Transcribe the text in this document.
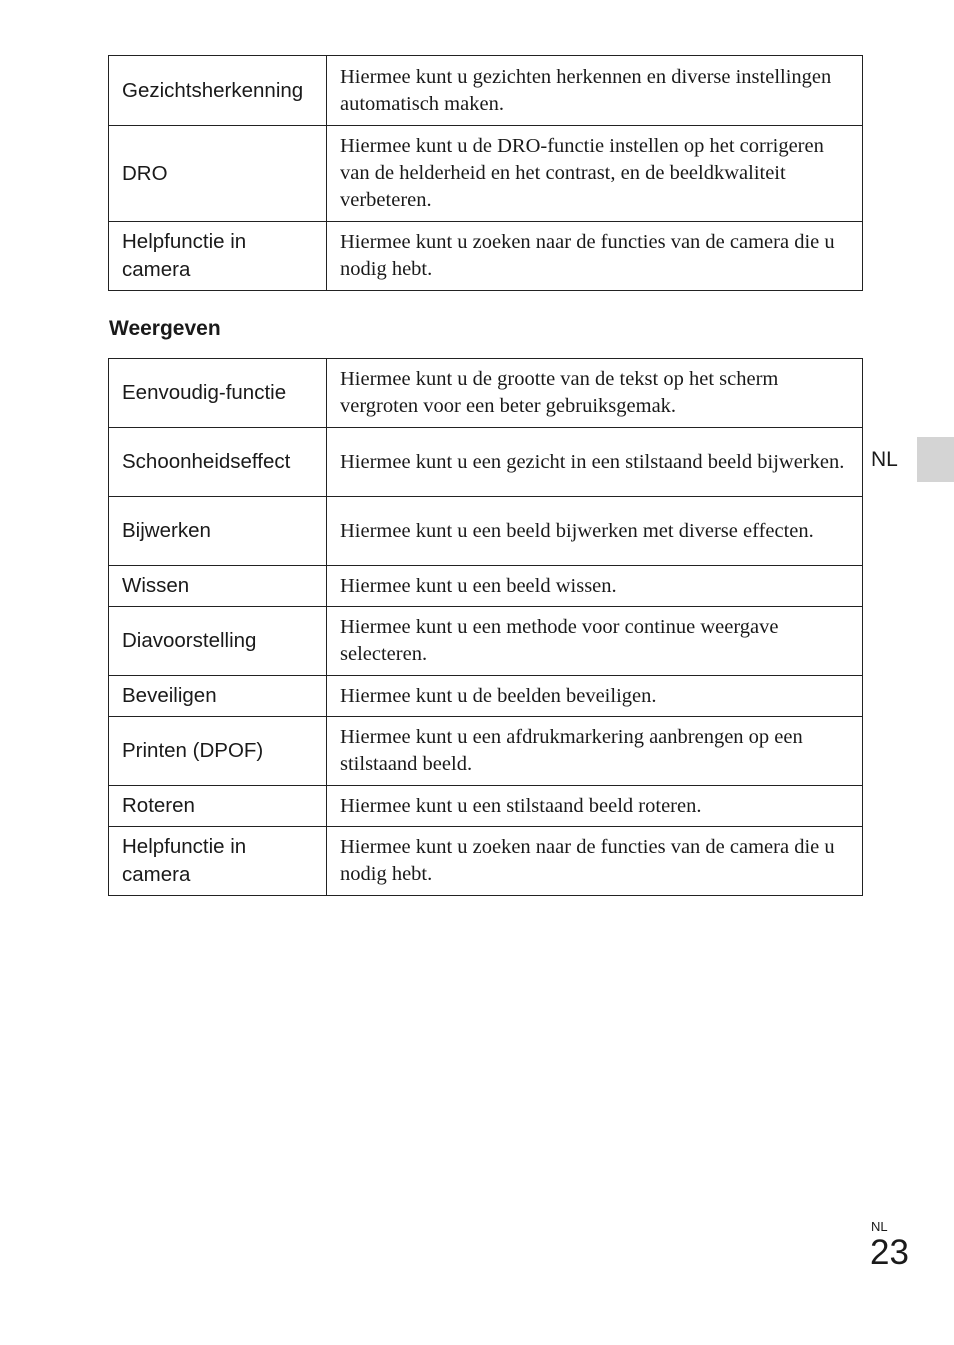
Gezichtsherkenning	Hiermee kunt u gezichten herkennen en diverse instellingen automatisch maken.
DRO	Hiermee kunt u de DRO-functie instellen op het corrigeren van de helderheid en het contrast, en de beeldkwaliteit verbeteren.
Helpfunctie in camera	Hiermee kunt u zoeken naar de functies van de camera die u nodig hebt.
Weergeven
Eenvoudig-functie	Hiermee kunt u de grootte van de tekst op het scherm vergroten voor een beter gebruiksgemak.
Schoonheidseffect	Hiermee kunt u een gezicht in een stilstaand beeld bijwerken.
Bijwerken	Hiermee kunt u een beeld bijwerken met diverse effecten.
Wissen	Hiermee kunt u een beeld wissen.
Diavoorstelling	Hiermee kunt u een methode voor continue weergave selecteren.
Beveiligen	Hiermee kunt u de beelden beveiligen.
Printen (DPOF)	Hiermee kunt u een afdrukmarkering aanbrengen op een stilstaand beeld.
Roteren	Hiermee kunt u een stilstaand beeld roteren.
Helpfunctie in camera	Hiermee kunt u zoeken naar de functies van de camera die u nodig hebt.
NL
NL
23
